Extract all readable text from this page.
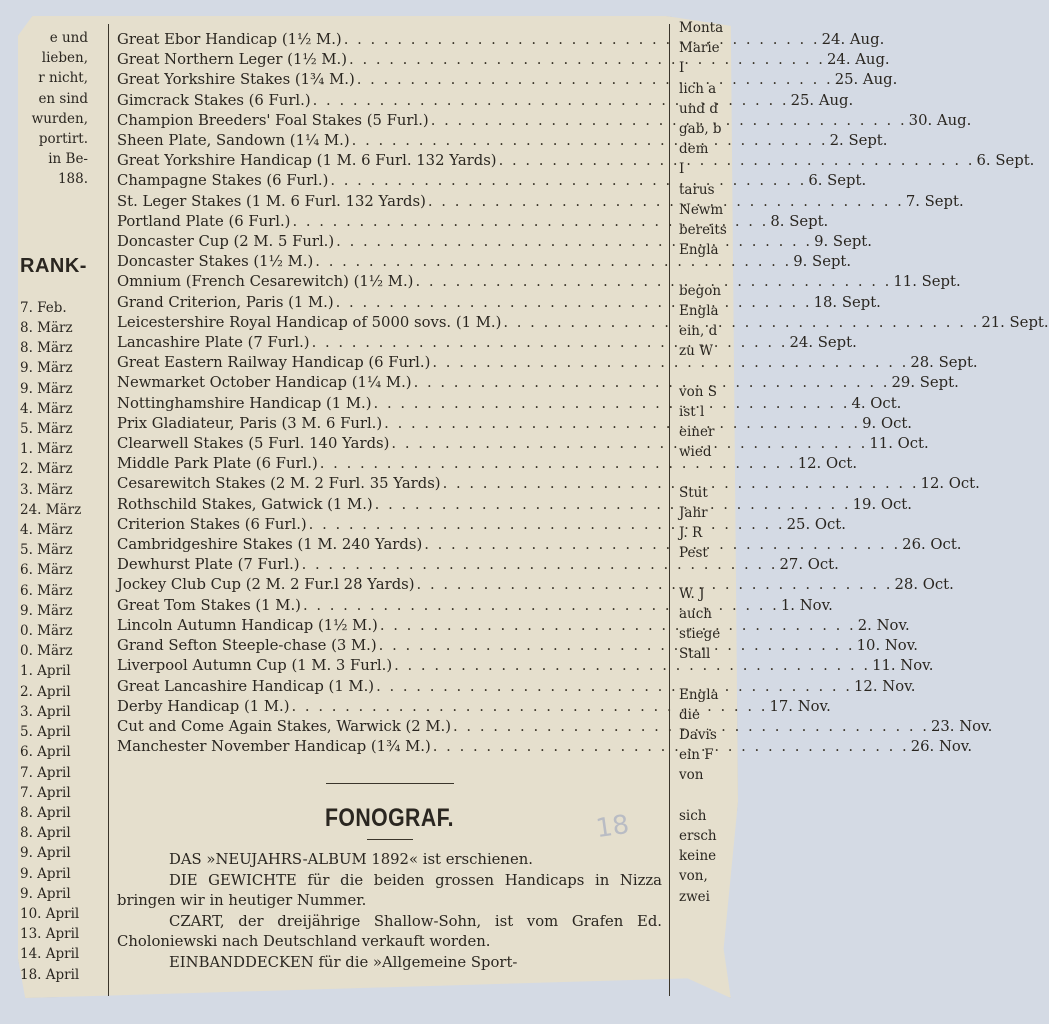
e und
lieben,
r nicht,
en sind
wurden,
portirt.
in Be-
188.
RANK-
7. Feb.
8. März
8. März
9. März
9. März
4. März
5. März
1. März
2. März
3. März
24. März
4. März
5. März
6. März
6. März
9. März
0. März
0. März
1. April
2. April
3. April
5. April
6. April
7. April
7. April
8. April
8. April
9. April
9. April
9. April
10. April
13. April
14. April
18. April
Great Ebor Handicap (1½ M.) . . .	24. Aug.
Great Northern Leger (1½ M.) . . .	24. Aug.
Great Yorkshire Stakes (1¾ M.) . . .	25. Aug.
Gimcrack Stakes (6 Furl.) . . .	25. Aug.
Champion Breeders' Foal Stakes (5 Furl.) . . .	30. Aug.
Sheen Plate, Sandown (1¼ M.) . . .	2. Sept.
Great Yorkshire Handicap (1 M. 6 Furl. 132 Yards) . . .	6. Sept.
Champagne Stakes (6 Furl.) . . .	6. Sept.
St. Leger Stakes (1 M. 6 Furl. 132 Yards) . . .	7. Sept.
Portland Plate (6 Furl.) . . .	8. Sept.
Doncaster Cup (2 M. 5 Furl.) . . .	9. Sept.
Doncaster Stakes (1½ M.) . . .	9. Sept.
Omnium (French Cesarewitch) (1½ M.) . . .	11. Sept.
Grand Criterion, Paris (1 M.) . . .	18. Sept.
Leicestershire Royal Handicap of 5000 sovs. (1 M.) . . .	21. Sept.
Lancashire Plate (7 Furl.) . . .	24. Sept.
Great Eastern Railway Handicap (6 Furl.) . . .	28. Sept.
Newmarket October Handicap (1¼ M.) . . .	29. Sept.
Nottinghamshire Handicap (1 M.) . . .	4. Oct.
Prix Gladiateur, Paris (3 M. 6 Furl.) . . .	9. Oct.
Clearwell Stakes (5 Furl. 140 Yards) . . .	11. Oct.
Middle Park Plate (6 Furl.) . . .	12. Oct.
Cesarewitch Stakes (2 M. 2 Furl. 35 Yards) . . .	12. Oct.
Rothschild Stakes, Gatwick (1 M.) . . .	19. Oct.
Criterion Stakes (6 Furl.) . . .	25. Oct.
Cambridgeshire Stakes (1 M. 240 Yards) . . .	26. Oct.
Dewhurst Plate (7 Furl.) . . .	27. Oct.
Jockey Club Cup (2 M. 2 Fur.l 28 Yards) . . .	28. Oct.
Great Tom Stakes (1 M.) . . .	1. Nov.
Lincoln Autumn Handicap (1½ M.) . . .	2. Nov.
Grand Sefton Steeple-chase (3 M.) . . .	10. Nov.
Liverpool Autumn Cup (1 M. 3 Furl.) . . .	11. Nov.
Great Lancashire Handicap (1 M.) . . .	12. Nov.
Derby Handicap (1 M.) . . .	17. Nov.
Cut and Come Again Stakes, Warwick (2 M.) . . .	23. Nov.
Manchester November Handicap (1¾ M.) . . .	26. Nov.
FONOGRAF.
DAS »NEUJAHRS-ALBUM 1892« ist erschienen.
DIE GEWICHTE für die beiden grossen Handicaps in Nizza bringen wir in heutiger Nummer.
CZART, der dreijährige Shallow-Sohn, ist vom Grafen Ed. Choloniewski nach Deutschland verkauft worden.
EINBANDDECKEN für die »Allgemeine Sport-
Monta
Marie
I
lich a
und d
gab, b
dem
I
tarus
Newm
bereits
Engla
begon
Engla
ein, d
zu W
von S
ist l
einer
wied
Stut
Jahr
J. R
Pest
W. J
auch
stiege
Stall
Engla
die
Davis
ein F
von
sich
ersch
keine
von,
zwei
18
